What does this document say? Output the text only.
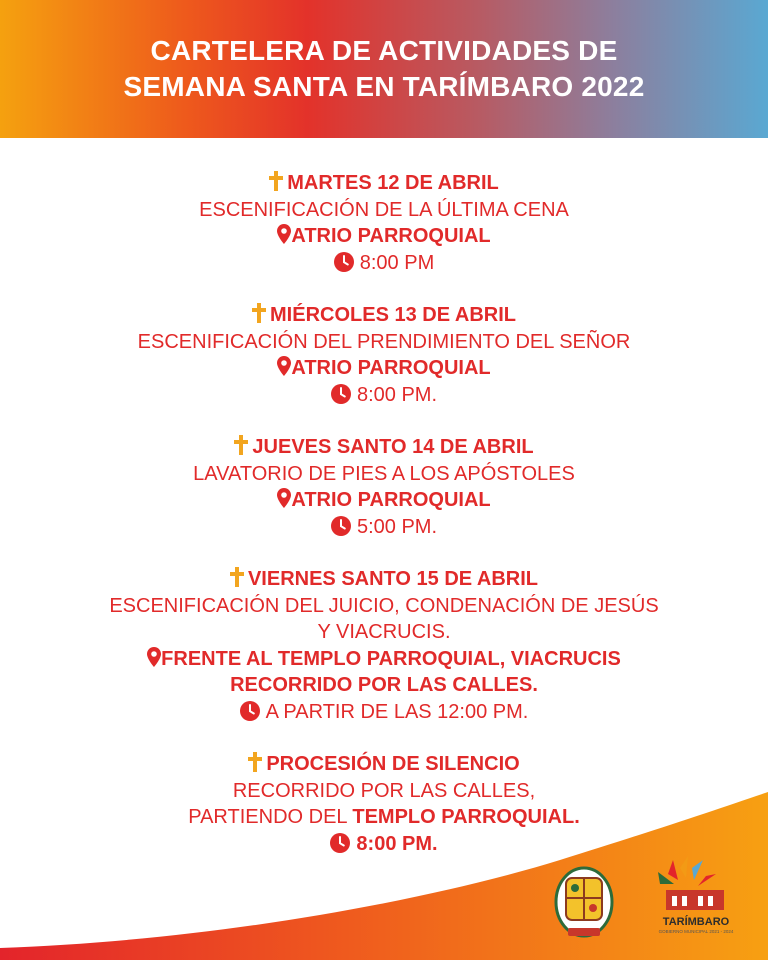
CARTELERA DE ACTIVIDADES DE
SEMANA SANTA EN TARÍMBARO 2022
MARTES 12 DE ABRIL
ESCENIFICACIÓN DE LA ÚLTIMA CENA
ATRIO PARROQUIAL
8:00 PM
MIÉRCOLES 13 DE ABRIL
ESCENIFICACIÓN DEL PRENDIMIENTO DEL SEÑOR
ATRIO PARROQUIAL
8:00 PM.
JUEVES SANTO 14 DE ABRIL
LAVATORIO DE PIES A LOS APÓSTOLES
ATRIO PARROQUIAL
5:00 PM.
VIERNES SANTO 15 DE ABRIL
ESCENIFICACIÓN DEL JUICIO, CONDENACIÓN DE JESÚS
Y VIACRUCIS.
FRENTE AL TEMPLO PARROQUIAL, VIACRUCIS
RECORRIDO POR LAS CALLES.
A PARTIR DE LAS 12:00 PM.
PROCESIÓN DE SILENCIO
RECORRIDO POR LAS CALLES,
PARTIENDO DEL TEMPLO PARROQUIAL.
8:00 PM.
TARÍMBARO
GOBIERNO MUNICIPAL 2021 - 2024
